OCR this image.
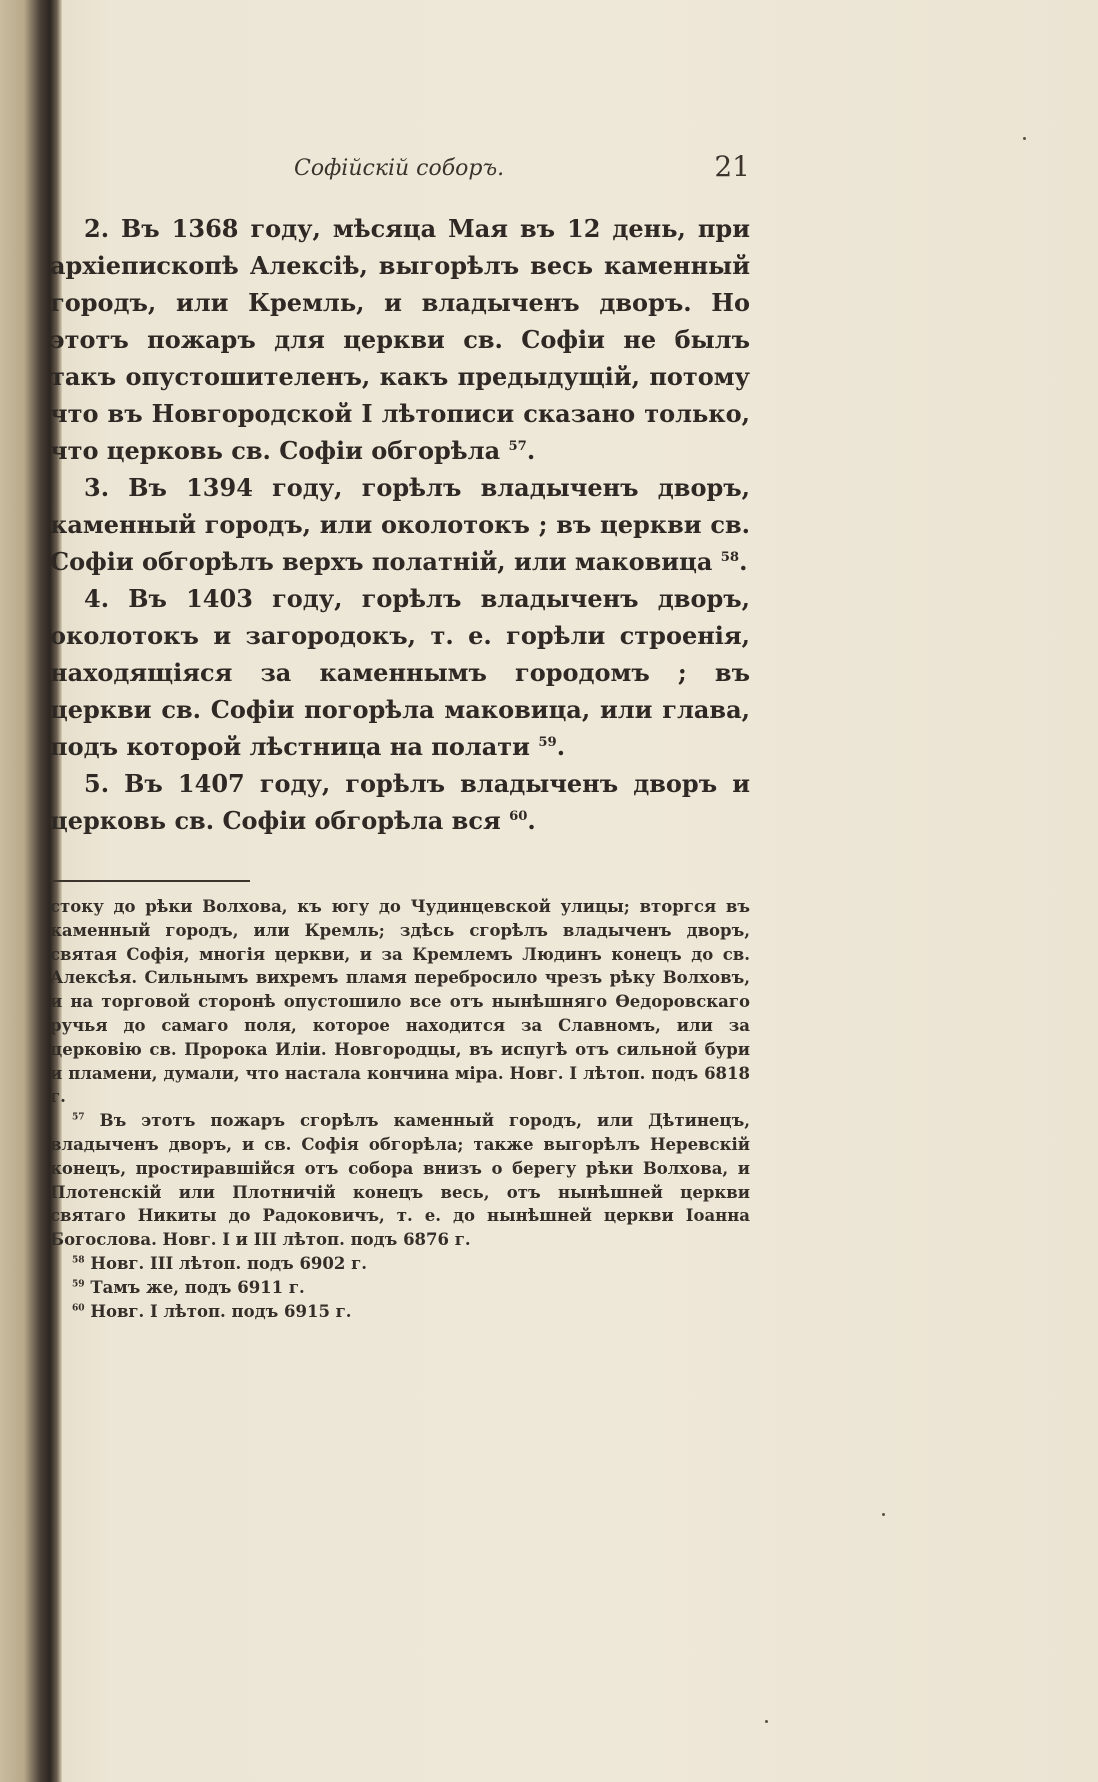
Софійскій соборъ.	21

2. Въ 1368 году, мѣсяца Мая въ 12 день, при архіепископѣ Алексіѣ, выгорѣлъ весь каменный городъ, или Кремль, и владыченъ дворъ. Но этотъ пожаръ для церкви св. Софіи не былъ такъ опустошителенъ, какъ предыдущій, потому что въ Новгородской I лѣтописи сказано только, что церковь св. Софіи обгорѣла $^{57}$.

3. Въ 1394 году, горѣлъ владыченъ дворъ, каменный городъ, или околотокъ ; въ церкви св. Софіи обгорѣлъ верхъ полатній, или маковица $^{58}$.

4. Въ 1403 году, горѣлъ владыченъ дворъ, околотокъ и загородокъ, т. е. горѣли строенія, находящіяся за каменнымъ городомъ ; въ церкви св. Софіи погорѣла маковица, или глава, подъ которой лѣстница на полати $^{59}$.

5. Въ 1407 году, горѣлъ владыченъ дворъ и церковь св. Софіи обгорѣла вся $^{60}$.

стоку до рѣки Волхова, къ югу до Чудинцевской улицы; вторгся въ каменный городъ, или Кремль; здѣсь сгорѣлъ владыченъ дворъ, святая Софія, многія церкви, и за Кремлемъ Людинъ конецъ до св. Алексѣя. Сильнымъ вихремъ пламя перебросило чрезъ рѣку Волховъ, и на торговой сторонѣ опустошило все отъ нынѣшняго Ѳедоровскаго ручья до самаго поля, которое находится за Славномъ, или за церковію св. Пророка Иліи. Новгородцы, въ испугѣ отъ сильной бури и пламени, думали, что настала кончина міра. Новг. I лѣтоп. подъ 6818 г.

$^{57}$ Въ этотъ пожаръ сгорѣлъ каменный городъ, или Дѣтинецъ, владыченъ дворъ, и св. Софія обгорѣла; также выгорѣлъ Неревскій конецъ, простиравшійся отъ собора внизъ о берегу рѣки Волхова, и Плотенскій или Плотничій конецъ весь, отъ нынѣшней церкви святаго Никиты до Радоковичъ, т. е. до нынѣшней церкви Іоанна Богослова. Новг. I и III лѣтоп. подъ 6876 г.

$^{58}$ Новг. III лѣтоп. подъ 6902 г.

$^{59}$ Тамъ же, подъ 6911 г.

$^{60}$ Новг. I лѣтоп. подъ 6915 г.
